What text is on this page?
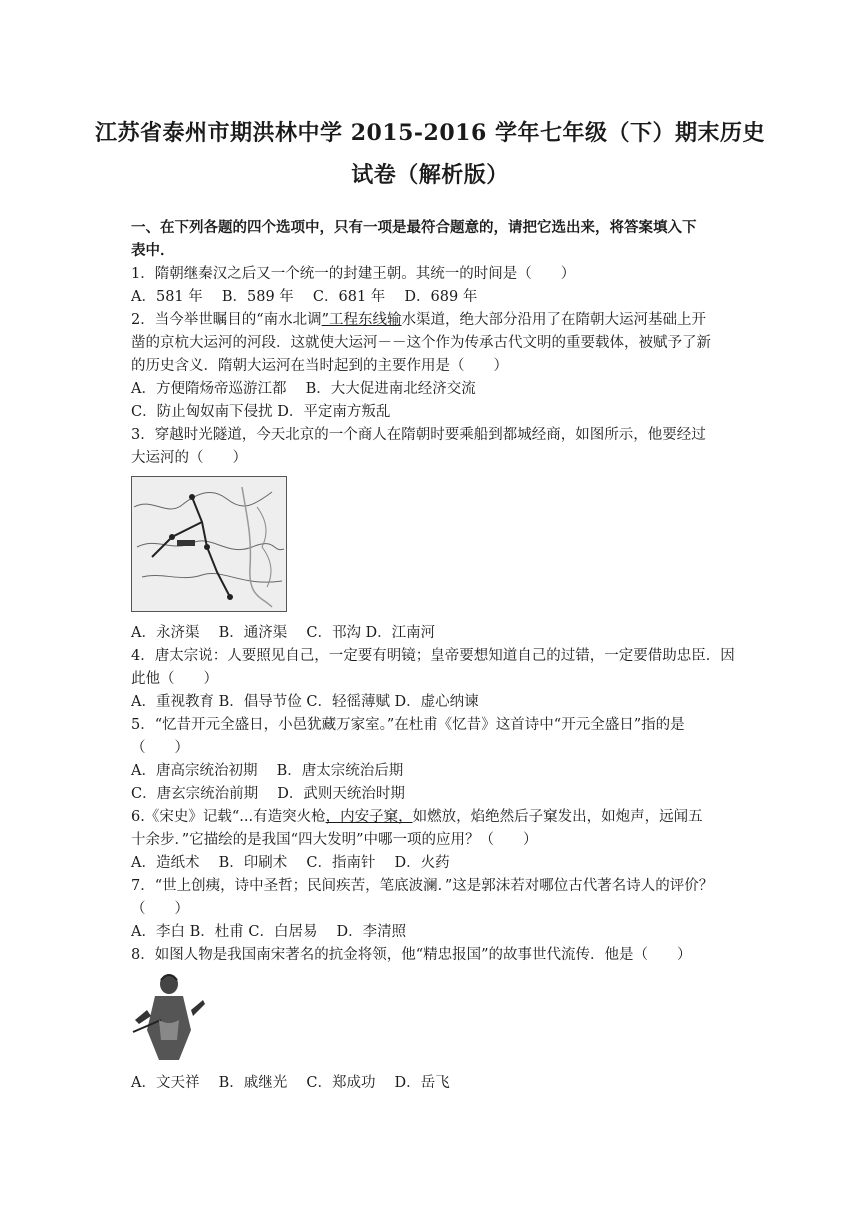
江苏省泰州市期洪林中学 2015-2016 学年七年级（下）期末历史
试卷（解析版）
一、在下列各题的四个选项中，只有一项是最符合题意的，请把它选出来，将答案填入下
表中．
1．隋朝继秦汉之后又一个统一的封建王朝。其统一的时间是（　　）
A．581 年　 B．589 年　 C．681 年　 D．689 年
2．当今举世瞩目的“南水北调”工程东线输水渠道，绝大部分沿用了在隋朝大运河基础上开
凿的京杭大运河的河段．这就使大运河－－这个作为传承古代文明的重要载体，被赋予了新
的历史含义．隋朝大运河在当时起到的主要作用是（　　）
A．方便隋炀帝巡游江都　 B．大大促进南北经济交流
C．防止匈奴南下侵扰 D．平定南方叛乱
3．穿越时光隧道，今天北京的一个商人在隋朝时要乘船到都城经商，如图所示，他要经过
大运河的（　　）
A．永济渠　 B．通济渠　 C．邗沟 D．江南河
4．唐太宗说：人要照见自己，一定要有明镜；皇帝要想知道自己的过错，一定要借助忠臣．因
此他（　　）
A．重视教育 B．倡导节俭 C．轻徭薄赋 D．虚心纳谏
5．“忆昔开元全盛日，小邑犹藏万家室。”在杜甫《忆昔》这首诗中“开元全盛日”指的是
（　　）
A．唐高宗统治初期　 B．唐太宗统治后期
C．唐玄宗统治前期　 D．武则天统治时期
6.《宋史》记载“...有造突火枪，内安子窠，如燃放，焰绝然后子窠发出，如炮声，远闻五
十余步．”它描绘的是我国“四大发明”中哪一项的应用？（　　）
A．造纸术　 B．印刷术　 C．指南针　 D．火药
7．“世上创痍，诗中圣哲；民间疾苦，笔底波澜．”这是郭沫若对哪位古代著名诗人的评价？
（　　）
A．李白 B．杜甫 C．白居易　 D．李清照
8．如图人物是我国南宋著名的抗金将领，他“精忠报国”的故事世代流传．他是（　　）
A．文天祥　 B．戚继光　 C．郑成功　 D．岳飞
